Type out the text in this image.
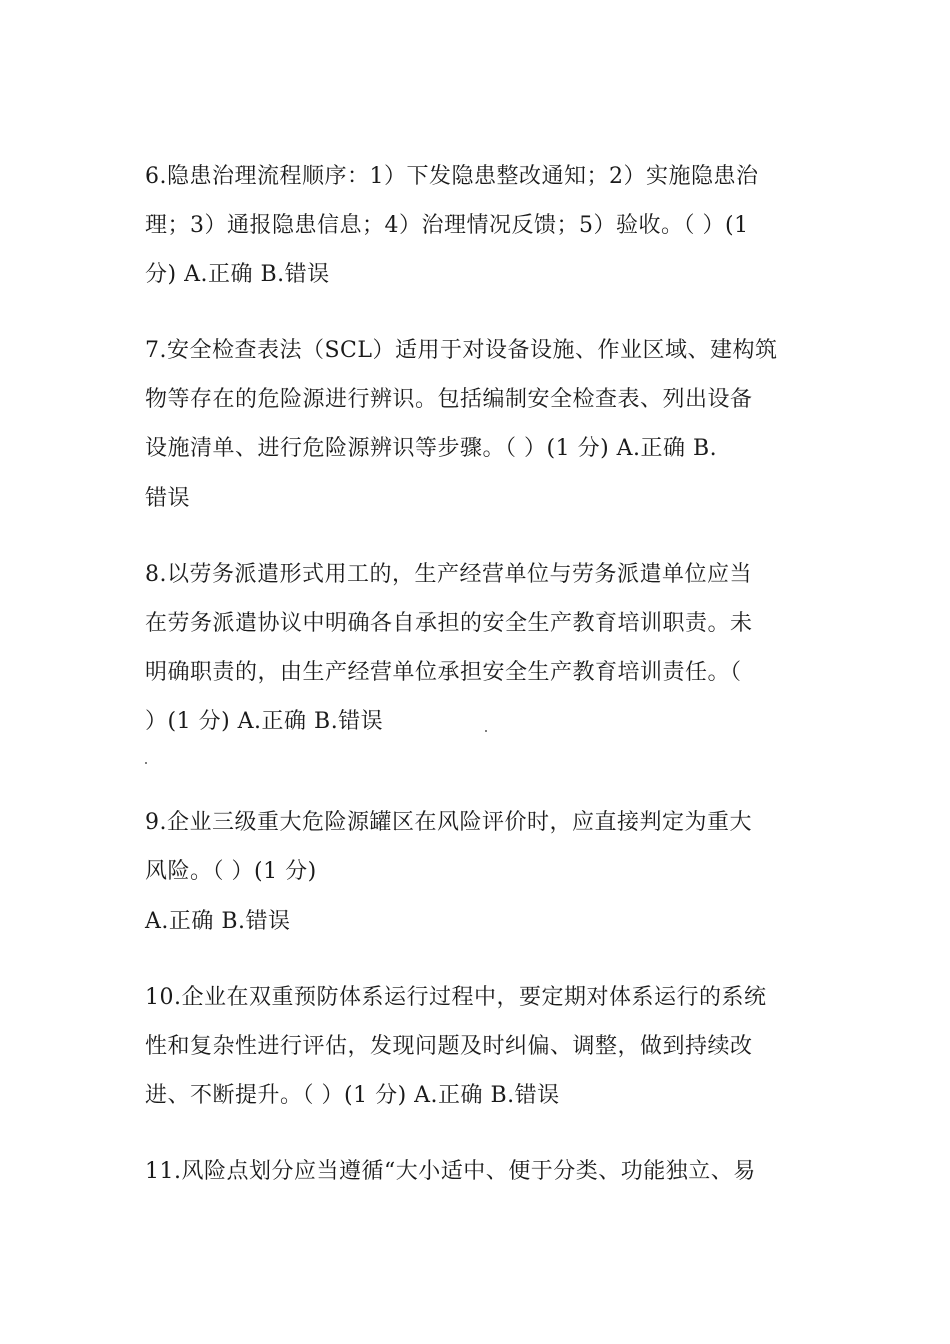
6.隐患治理流程顺序：1）下发隐患整改通知；2）实施隐患治
理；3）通报隐患信息；4）治理情况反馈；5）验收。（ ）(1
分) A.正确 B.错误
7.安全检查表法（SCL）适用于对设备设施、作业区域、建构筑
物等存在的危险源进行辨识。包括编制安全检查表、列出设备
设施清单、进行危险源辨识等步骤。（ ）(1 分) A.正确 B.
错误
8.以劳务派遣形式用工的，生产经营单位与劳务派遣单位应当
在劳务派遣协议中明确各自承担的安全生产教育培训职责。未
明确职责的，由生产经营单位承担安全生产教育培训责任。（
）(1 分) A.正确 B.错误
9.企业三级重大危险源罐区在风险评价时，应直接判定为重大
风险。（ ）(1 分)
A.正确 B.错误
10.企业在双重预防体系运行过程中，要定期对体系运行的系统
性和复杂性进行评估，发现问题及时纠偏、调整，做到持续改
进、不断提升。（ ）(1 分) A.正确 B.错误
11.风险点划分应当遵循“大小适中、便于分类、功能独立、易
